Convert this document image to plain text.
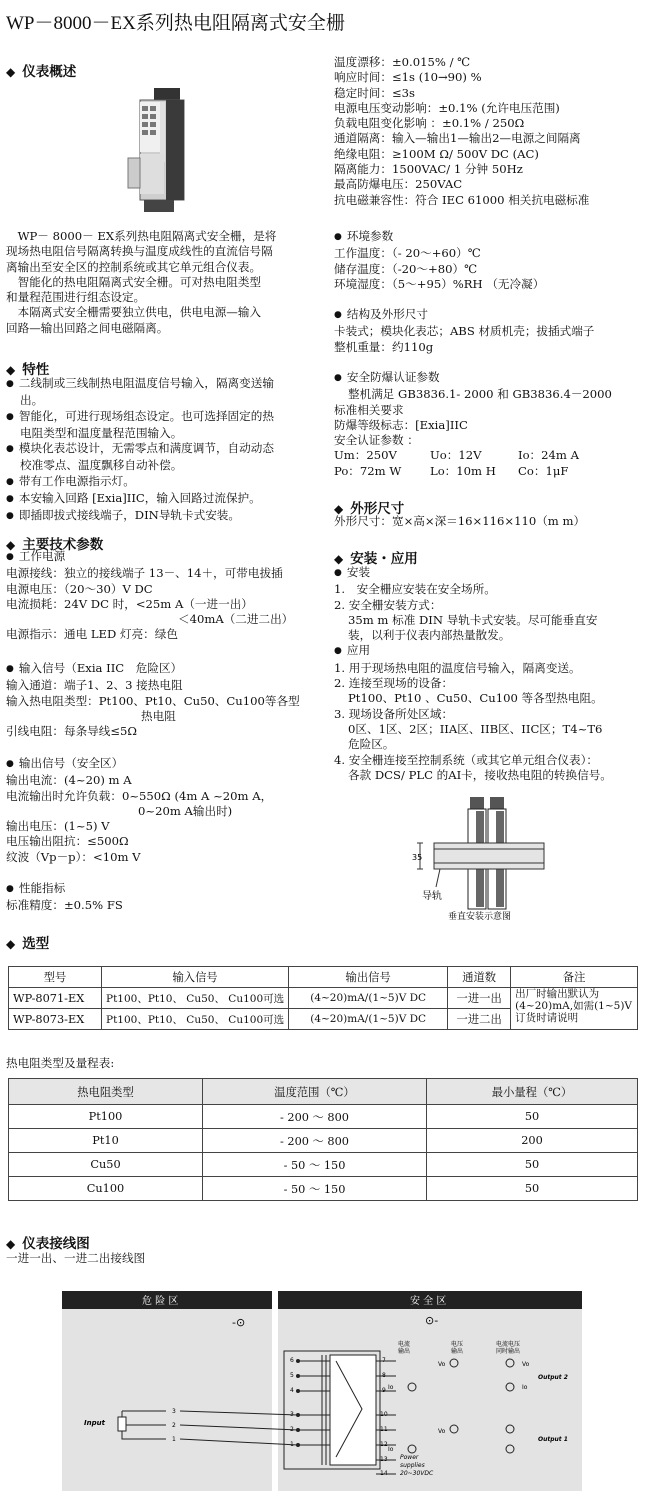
WP－8000－EX系列热电阻隔离式安全栅
◆ 仪表概述
　WP－ 8000－ EX系列热电阻隔离式安全栅，是将
现场热电阻信号隔离转换与温度成线性的直流信号隔
离输出至安全区的控制系统或其它单元组合仪表。
　智能化的热电阻隔离式安全栅。可对热电阻类型
和量程范围进行组态设定。
　本隔离式安全栅需要独立供电，供电电源—输入
回路—输出回路之间电磁隔离。
温度漂移：±0.015% / ℃
响应时间：≤1s (10→90) %
稳定时间：≤3s
电源电压变动影响：±0.1% (允许电压范围)
负载电阻变化影响 ：±0.1% / 250Ω
通道隔离：输入—输出1—输出2—电源之间隔离
绝缘电阻：≥100M Ω/ 500V DC (AC)
隔离能力：1500VAC/ 1 分钟 50Hz
最高防爆电压：250VAC
抗电磁兼容性：符合 IEC 61000 相关抗电磁标准
● 环境参数
工作温度：（- 20～+60）℃
储存温度：（-20～+80）℃
环境湿度：（5～+95）%RH （无冷凝）
● 结构及外形尺寸
卡装式；模块化表芯；ABS 材质机壳；拔插式端子
整机重量：约110g
● 安全防爆认证参数
整机满足 GB3836.1- 2000 和 GB3836.4－2000
标准相关要求
防爆等级标志：[Exia]IIC
安全认证参数 ：
Um：250V	Uo：12V	Io：24m A
Po：72m W	Lo：10m H	Co：1μF
◆ 特性
● 二线制或三线制热电阻温度信号输入，隔离变送输
出。
● 智能化，可进行现场组态设定。也可选择固定的热
电阻类型和温度量程范围输入。
● 模块化表芯设计，无需零点和满度调节，自动动态
校准零点、温度飘移自动补偿。
● 带有工作电源指示灯。
● 本安输入回路 [Exia]IIC，输入回路过流保护。
● 即插即拔式接线端子，DIN导轨卡式安装。	◆ 外形尺寸
外形尺寸：宽×高×深＝16×116×110（m m）
◆ 主要技术参数
● 工作电源
电源接线：独立的接线端子 13－、14＋，可带电拔插
电源电压：（20～30）V DC
电流损耗：24V DC 时，<25m A（一进一出）
＜40mA（二进二出）
电源指示：通电 LED 灯亮：绿色
● 输入信号（Exia IIC　危险区）
输入通道：端子1、2、3 接热电阻
输入热电阻类型：Pt100、Pt10、Cu50、Cu100等各型
热电阻
引线电阻：每条导线≤5Ω
● 输出信号（安全区）
输出电流：(4~20) m A
电流输出时允许负载：0~550Ω (4m A ~20m A，
0~20m A输出时)
输出电压：(1~5) V
电压输出阻抗：≤500Ω
纹波（Vp－p）：<10m V
● 性能指标
标准精度：±0.5% FS
◆ 安装・应用
● 安装
1.　安全栅应安装在安全场所。
2. 安全栅安装方式：
35m m 标准 DIN 导轨卡式安装。尽可能垂直安
装，以利于仪表内部热量散发。
● 应用
1. 用于现场热电阻的温度信号输入，隔离变送。
2. 连接至现场的设备：
Pt100、Pt10 、Cu50、Cu100 等各型热电阻。
3. 现场设备所处区域：
0区、1区、2区；IIA区、IIB区、IIC区；T4~T6
危险区。
4. 安全栅连接至控制系统（或其它单元组合仪表）：
各款 DCS/ PLC 的AI卡，接收热电阻的转换信号。
35
导轨
垂直安装示意图
◆ 选型
型号	输入信号	输出信号	通道数	备注
WP-8071-EX	Pt100、Pt10、 Cu50、 Cu100可选	(4~20)mA/(1~5)V DC	一进一出	出厂时输出默认为
(4~20)mA,如需(1~5)V
订货时请说明

WP-8073-EX	Pt100、Pt10、 Cu50、 Cu100可选	(4~20)mA/(1~5)V DC	一进二出	
热电阻类型及量程表:
热电阻类型	温度范围（℃）	最小量程（℃）
Pt100	- 200 ～ 800	50
Pt10	- 200 ～ 800	200
Cu50	- 50 ～ 150	50
Cu100	- 50 ～ 150	50
◆ 仪表接线图
一进一出、一进二出接线图
危 险 区	安 全 区
-⊙	⊙-
电流
输出
电压
输出
电流电压
同时输出
6
5
4
3
2
1
7
8
9
10
11
12
13
14
Input
3
2
1
Vo
Vo
Io
Io
Vo
Io
Output 2
Output 1
Power
supplies
20~30VDC
